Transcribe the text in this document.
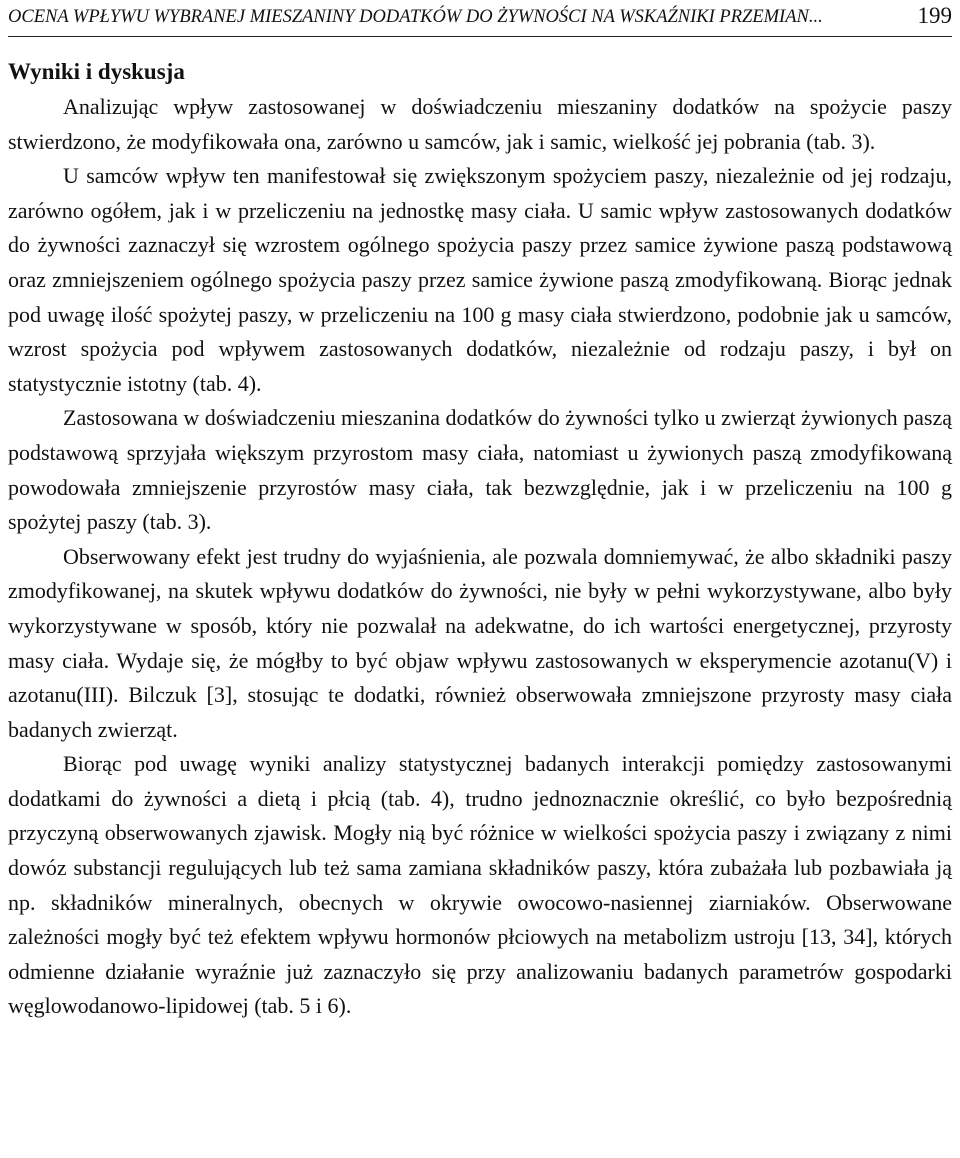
OCENA WPŁYWU WYBRANEJ MIESZANINY DODATKÓW DO ŻYWNOŚCI NA WSKAŹNIKI PRZEMIAN...	199
Wyniki i dyskusja

Analizując wpływ zastosowanej w doświadczeniu mieszaniny dodatków na spożycie paszy stwierdzono, że modyfikowała ona, zarówno u samców, jak i samic, wielkość jej pobrania (tab. 3).

U samców wpływ ten manifestował się zwiększonym spożyciem paszy, niezależnie od jej rodzaju, zarówno ogółem, jak i w przeliczeniu na jednostkę masy ciała. U samic wpływ zastosowanych dodatków do żywności zaznaczył się wzrostem ogólnego spożycia paszy przez samice żywione paszą podstawową oraz zmniejszeniem ogólnego spożycia paszy przez samice żywione paszą zmodyfikowaną. Biorąc jednak pod uwagę ilość spożytej paszy, w przeliczeniu na 100 g masy ciała stwierdzono, podobnie jak u samców, wzrost spożycia pod wpływem zastosowanych dodatków, niezależnie od rodzaju paszy, i był on statystycznie istotny (tab. 4).

Zastosowana w doświadczeniu mieszanina dodatków do żywności tylko u zwierząt żywionych paszą podstawową sprzyjała większym przyrostom masy ciała, natomiast u żywionych paszą zmodyfikowaną powodowała zmniejszenie przyrostów masy ciała, tak bezwzględnie, jak i w przeliczeniu na 100 g spożytej paszy (tab. 3).

Obserwowany efekt jest trudny do wyjaśnienia, ale pozwala domniemywać, że albo składniki paszy zmodyfikowanej, na skutek wpływu dodatków do żywności, nie były w pełni wykorzystywane, albo były wykorzystywane w sposób, który nie pozwalał na adekwatne, do ich wartości energetycznej, przyrosty masy ciała. Wydaje się, że mógłby to być objaw wpływu zastosowanych w eksperymencie azotanu(V) i azotanu(III). Bilczuk [3], stosując te dodatki, również obserwowała zmniejszone przyrosty masy ciała badanych zwierząt.

Biorąc pod uwagę wyniki analizy statystycznej badanych interakcji pomiędzy zastosowanymi dodatkami do żywności a dietą i płcią (tab. 4), trudno jednoznacznie określić, co było bezpośrednią przyczyną obserwowanych zjawisk. Mogły nią być różnice w wielkości spożycia paszy i związany z nimi dowóz substancji regulujących lub też sama zamiana składników paszy, która zubażała lub pozbawiała ją np. składników mineralnych, obecnych w okrywie owocowo-nasiennej ziarniaków. Obserwowane zależności mogły być też efektem wpływu hormonów płciowych na metabolizm ustroju [13, 34], których odmienne działanie wyraźnie już zaznaczyło się przy analizowaniu badanych parametrów gospodarki węglowodanowo-lipidowej (tab. 5 i 6).
